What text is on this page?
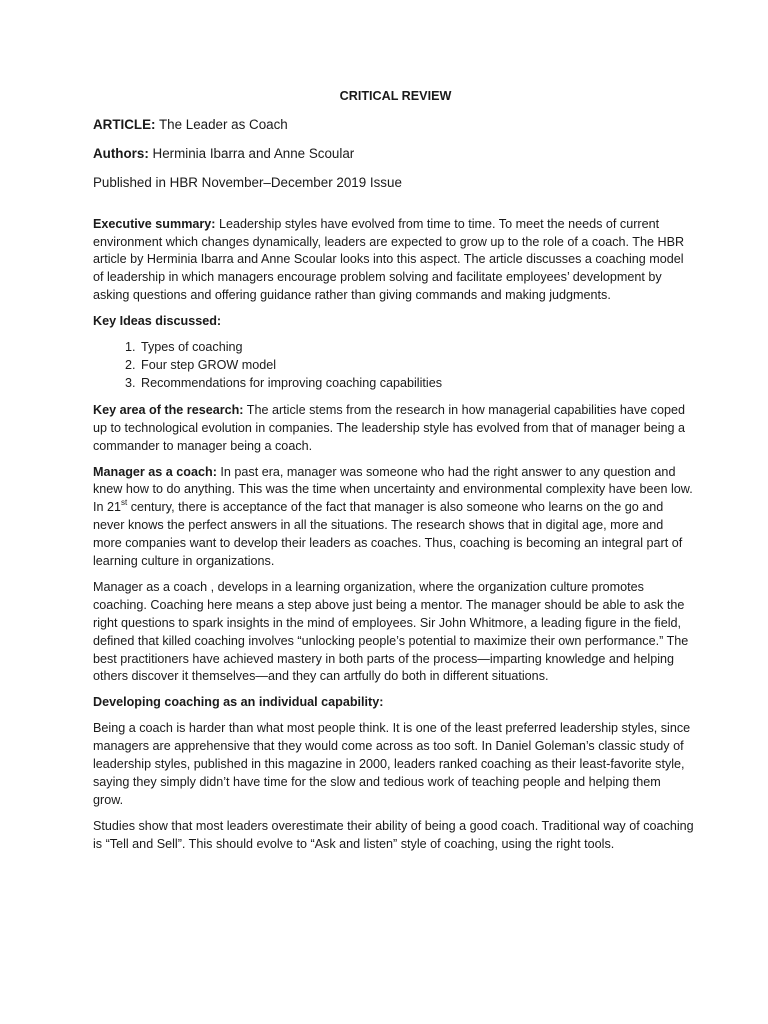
CRITICAL REVIEW
ARTICLE: The Leader as Coach
Authors: Herminia Ibarra and Anne Scoular
Published in HBR November–December 2019 Issue

Executive summary: Leadership styles have evolved from time to time. To meet the needs of current environment which changes dynamically, leaders are expected to grow up to the role of a coach. The HBR article by Herminia Ibarra and Anne Scoular looks into this aspect. The article discusses a coaching model of leadership in which managers encourage problem solving and facilitate employees’ development by asking questions and offering guidance rather than giving commands and making judgments.

Key Ideas discussed:
1. Types of coaching
2. Four step GROW model
3. Recommendations for improving coaching capabilities

Key area of the research: The article stems from the research in how managerial capabilities have coped up to technological evolution in companies. The leadership style has evolved from that of manager being a commander to manager being a coach.

Manager as a coach: In past era, manager was someone who had the right answer to any question and knew how to do anything. This was the time when uncertainty and environmental complexity have been low. In 21st century, there is acceptance of the fact that manager is also someone who learns on the go and never knows the perfect answers in all the situations. The research shows that in digital age, more and more companies want to develop their leaders as coaches. Thus, coaching is becoming an integral part of learning culture in organizations.

Manager as a coach , develops in a learning organization, where the organization culture promotes coaching. Coaching here means a step above just being a mentor. The manager should be able to ask the right questions to spark insights in the mind of employees. Sir John Whitmore, a leading figure in the field, defined that killed coaching involves “unlocking people’s potential to maximize their own performance.” The best practitioners have achieved mastery in both parts of the process—imparting knowledge and helping others discover it themselves—and they can artfully do both in different situations.

Developing coaching as an individual capability:

Being a coach is harder than what most people think. It is one of the least preferred leadership styles, since managers are apprehensive that they would come across as too soft. In Daniel Goleman’s classic study of leadership styles, published in this magazine in 2000, leaders ranked coaching as their least-favorite style, saying they simply didn’t have time for the slow and tedious work of teaching people and helping them grow.

Studies show that most leaders overestimate their ability of being a good coach. Traditional way of coaching is “Tell and Sell”. This should evolve to “Ask and listen” style of coaching, using the right tools.
